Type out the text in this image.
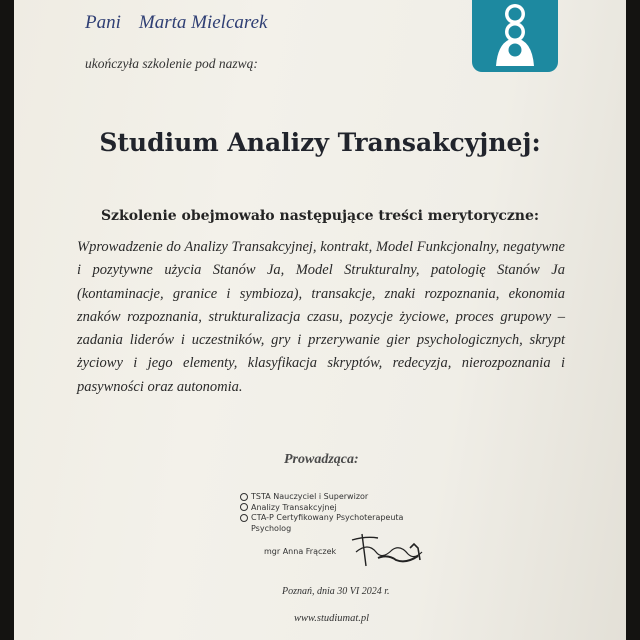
Pani Marta Mielcarek
ukończyła szkolenie pod nazwą:
Studium Analizy Transakcyjnej:
Szkolenie obejmowało następujące treści merytoryczne:
Wprowadzenie do Analizy Transakcyjnej, kontrakt, Model Funkcjonalny, negatywne i pozytywne użycia Stanów Ja, Model Strukturalny, patologię Stanów Ja (kontaminacje, granice i symbioza), transakcje, znaki rozpoznania, ekonomia znaków rozpoznania, strukturalizacja czasu, pozycje życiowe, proces grupowy – zadania liderów i uczestników, gry i przerywanie gier psychologicznych, skrypt życiowy i jego elementy, klasyfikacja skryptów, redecyzja, nierozpoznania i pasywności oraz autonomia.
Prowadząca:
TSTA Nauczyciel i Superwizor
Analizy Transakcyjnej
CTA-P Certyfikowany Psychoterapeuta
Psycholog
mgr Anna Frączek
Poznań, dnia 30 VI 2024 r.
www.studiumat.pl
